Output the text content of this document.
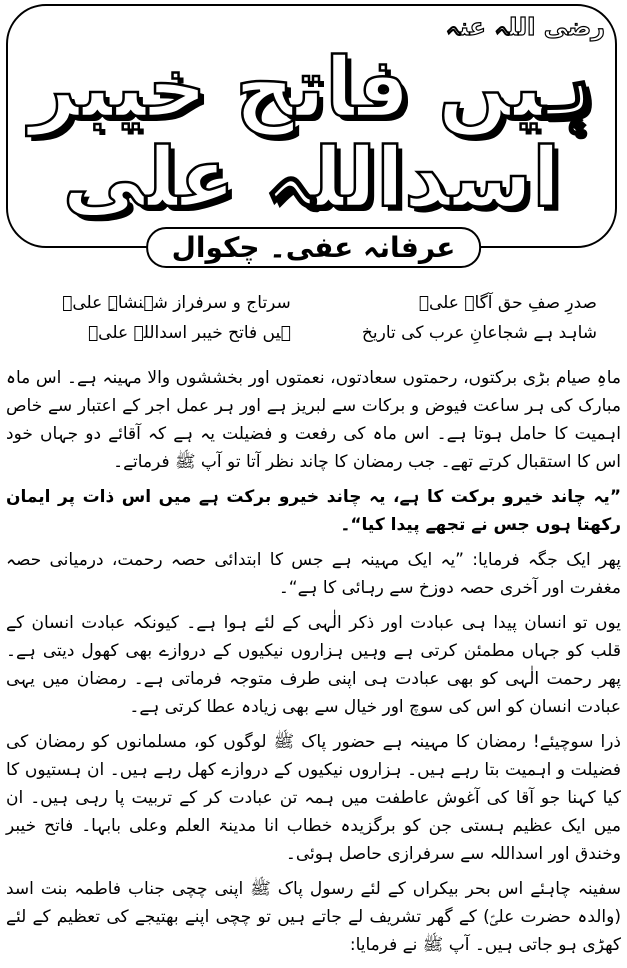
ہیں فاتح خیبر اسداللہ علی
رضی اللہ عنہ
عرفانہ عفی۔ چکوال
صدرِ صفِ حق آگاہ علیؑ
سرتاج و سرفراز شہنشاہِ علیؑ
شاہد ہے شجاعانِ عرب کی تاریخ
ہیں فاتح خیبر اسداللہ علیؑ

ماہِ صیام بڑی برکتوں، رحمتوں سعادتوں، نعمتوں اور بخششوں والا مہینہ ہے۔ اس ماہ مبارک کی ہر ساعت فیوض و برکات سے لبریز ہے اور ہر عمل اجر کے اعتبار سے خاص اہمیت کا حامل ہوتا ہے۔ اس ماہ کی رفعت و فضیلت یہ ہے کہ آقائے دو جہاں خود اس کا استقبال کرتے تھے۔ جب رمضان کا چاند نظر آتا تو آپ ﷺ فرماتے۔

”یہ چاند خیرو برکت کا ہے، یہ چاند خیرو برکت ہے میں اس ذات پر ایمان رکھتا ہوں جس نے تجھے پیدا کیا“۔

پھر ایک جگہ فرمایا: ”یہ ایک مہینہ ہے جس کا ابتدائی حصہ رحمت، درمیانی حصہ مغفرت اور آخری حصہ دوزخ سے رہائی کا ہے“۔

یوں تو انسان پیدا ہی عبادت اور ذکر الٰہی کے لئے ہوا ہے۔ کیونکہ عبادت انسان کے قلب کو جہاں مطمئن کرتی ہے وہیں ہزاروں نیکیوں کے دروازے بھی کھول دیتی ہے۔ پھر رحمت الٰہی کو بھی عبادت ہی اپنی طرف متوجہ فرماتی ہے۔ رمضان میں یہی عبادت انسان کو اس کی سوچ اور خیال سے بھی زیادہ عطا کرتی ہے۔

ذرا سوچیئے! رمضان کا مہینہ ہے حضور پاک ﷺ لوگوں کو، مسلمانوں کو رمضان کی فضیلت و اہمیت بتا رہے ہیں۔ ہزاروں نیکیوں کے دروازے کھل رہے ہیں۔ ان ہستیوں کا کیا کہنا جو آقا کی آغوش عاطفت میں ہمہ تن عبادت کر کے تربیت پا رہی ہیں۔ ان میں ایک عظیم ہستی جن کو برگزیدہ خطاب انا مدینۃ العلم وعلی بابہا۔ فاتح خیبر وخندق اور اسداللہ سے سرفرازی حاصل ہوئی۔

سفینہ چاہئے اس بحر بیکراں کے لئے رسول پاک ﷺ اپنی چچی جناب فاطمہ بنت اسد (والدہ حضرت علیؑ) کے گھر تشریف لے جاتے ہیں تو چچی اپنے بھتیجے کی تعظیم کے لئے کھڑی ہو جاتی ہیں۔ آپ ﷺ نے فرمایا:
